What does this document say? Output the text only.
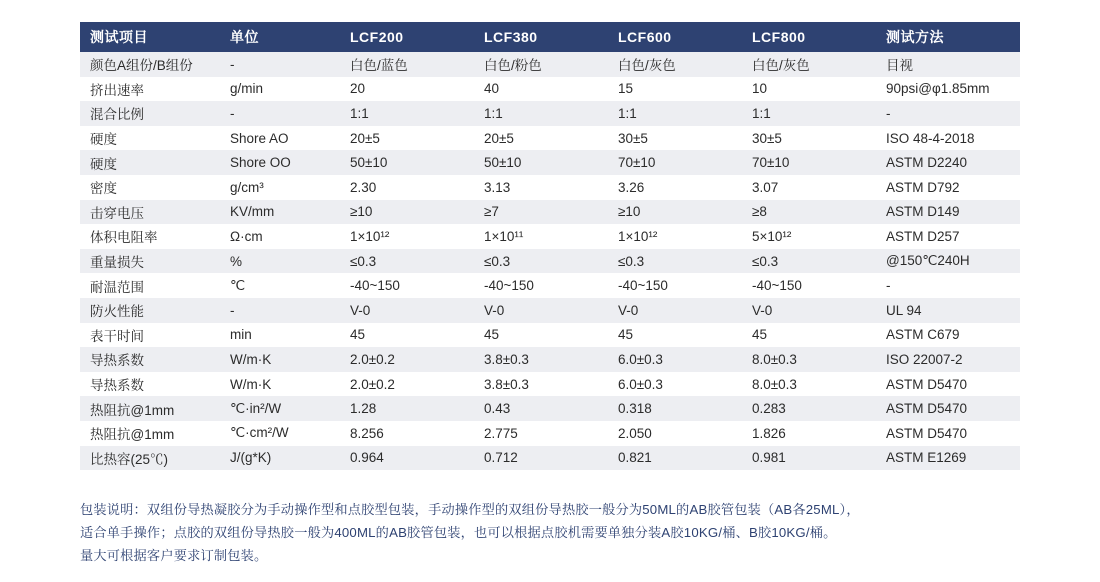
测试项目	单位	LCF200	LCF380	LCF600	LCF800	测试方法
颜色A组份/B组份	-	白色/蓝色	白色/粉色	白色/灰色	白色/灰色	目视
挤出速率	g/min	20	40	15	10	90psi@φ1.85mm
混合比例	-	1:1	1:1	1:1	1:1	-
硬度	Shore AO	20±5	20±5	30±5	30±5	ISO 48-4-2018
硬度	Shore OO	50±10	50±10	70±10	70±10	ASTM D2240
密度	g/cm³	2.30	3.13	3.26	3.07	ASTM D792
击穿电压	KV/mm	≥10	≥7	≥10	≥8	ASTM D149
体积电阻率	Ω·cm	1×10¹²	1×10¹¹	1×10¹²	5×10¹²	ASTM D257
重量损失	%	≤0.3	≤0.3	≤0.3	≤0.3	@150℃240H
耐温范围	℃	-40~150	-40~150	-40~150	-40~150	-
防火性能	-	V-0	V-0	V-0	V-0	UL 94
表干时间	min	45	45	45	45	ASTM C679
导热系数	W/m·K	2.0±0.2	3.8±0.3	6.0±0.3	8.0±0.3	ISO 22007-2
导热系数	W/m·K	2.0±0.2	3.8±0.3	6.0±0.3	8.0±0.3	ASTM D5470
热阻抗@1mm	℃·in²/W	1.28	0.43	0.318	0.283	ASTM D5470
热阻抗@1mm	℃·cm²/W	8.256	2.775	2.050	1.826	ASTM D5470
比热容(25℃)	J/(g*K)	0.964	0.712	0.821	0.981	ASTM E1269

包装说明：双组份导热凝胶分为手动操作型和点胶型包装，手动操作型的双组份导热胶一般分为50ML的AB胶管包装（AB各25ML），

适合单手操作；点胶的双组份导热胶一般为400ML的AB胶管包装，也可以根据点胶机需要单独分装A胶10KG/桶、B胶10KG/桶。

量大可根据客户要求订制包装。
